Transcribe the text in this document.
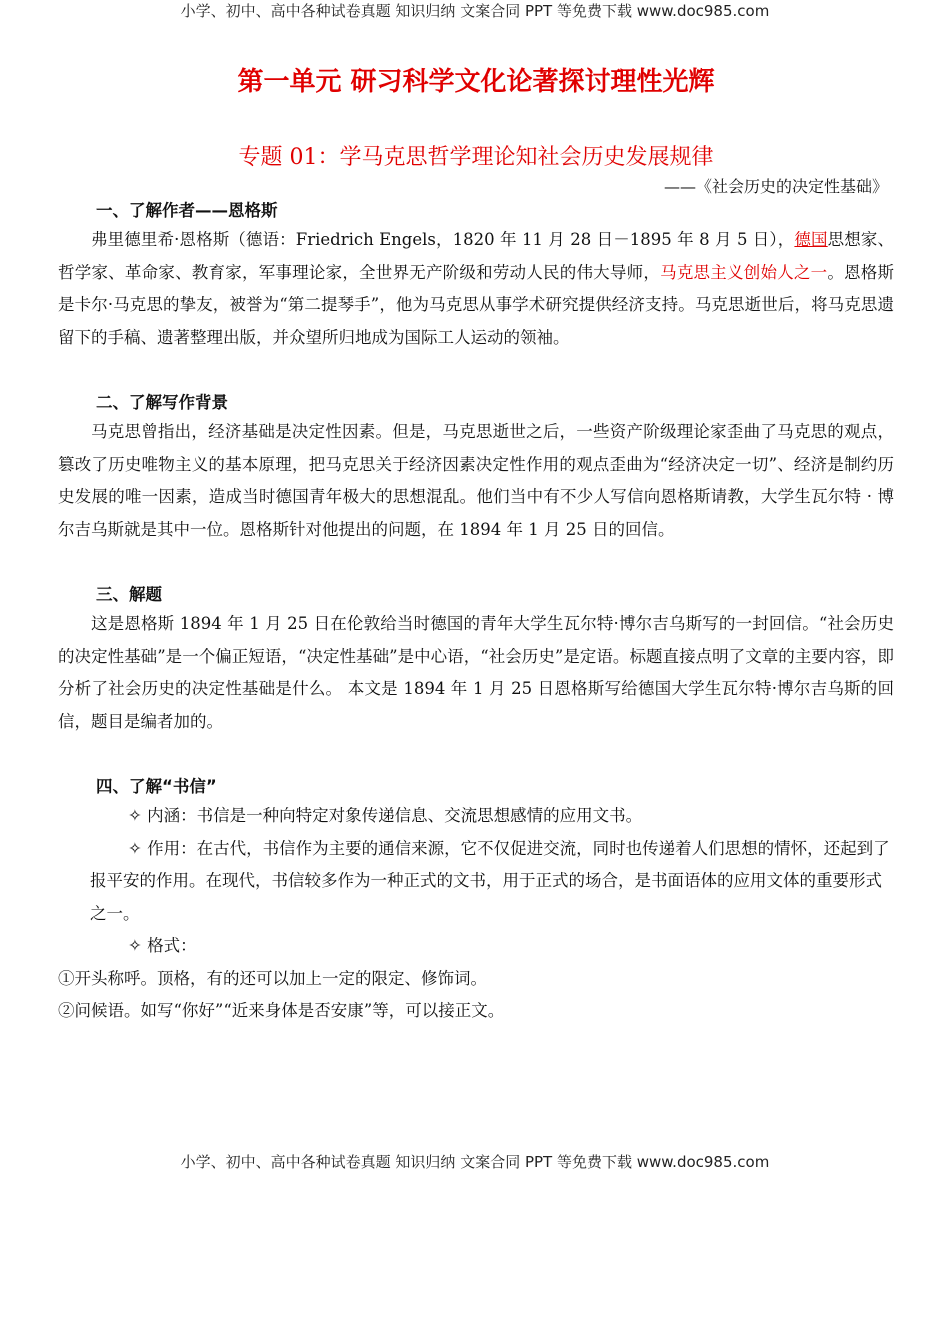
小学、初中、高中各种试卷真题 知识归纳 文案合同 PPT 等免费下载 www.doc985.com
第一单元 研习科学文化论著探讨理性光辉
专题 01：学马克思哲学理论知社会历史发展规律
——《社会历史的决定性基础》
一、了解作者——恩格斯

弗里德里希·恩格斯（德语：Friedrich Engels，1820 年 11 月 28 日－1895 年 8 月 5 日），德国思想家、哲学家、革命家、教育家，军事理论家，全世界无产阶级和劳动人民的伟大导师，马克思主义创始人之一。恩格斯是卡尔·马克思的挚友，被誉为“第二提琴手”，他为马克思从事学术研究提供经济支持。马克思逝世后，将马克思遗留下的手稿、遗著整理出版，并众望所归地成为国际工人运动的领袖。

二、了解写作背景

马克思曾指出，经济基础是决定性因素。但是，马克思逝世之后，一些资产阶级理论家歪曲了马克思的观点，篡改了历史唯物主义的基本原理，把马克思关于经济因素决定性作用的观点歪曲为“经济决定一切”、经济是制约历史发展的唯一因素，造成当时德国青年极大的思想混乱。他们当中有不少人写信向恩格斯请教，大学生瓦尔特 · 博尔吉乌斯就是其中一位。恩格斯针对他提出的问题，在 1894 年 1 月 25 日的回信。

三、解题

这是恩格斯 1894 年 1 月 25 日在伦敦给当时德国的青年大学生瓦尔特·博尔吉乌斯写的一封回信。“社会历史的决定性基础”是一个偏正短语，“决定性基础”是中心语，“社会历史”是定语。标题直接点明了文章的主要内容，即分析了社会历史的决定性基础是什么。 本文是 1894 年 1 月 25 日恩格斯写给德国大学生瓦尔特·博尔吉乌斯的回信，题目是编者加的。

四、了解“书信”
✧ 内涵：书信是一种向特定对象传递信息、交流思想感情的应用文书。
✧ 作用：在古代，书信作为主要的通信来源，它不仅促进交流，同时也传递着人们思想的情怀，还起到了报平安的作用。在现代，书信较多作为一种正式的文书，用于正式的场合，是书面语体的应用文体的重要形式之一。
✧ 格式：
①开头称呼。顶格，有的还可以加上一定的限定、修饰词。
②问候语。如写“你好”“近来身体是否安康”等，可以接正文。
小学、初中、高中各种试卷真题 知识归纳 文案合同 PPT 等免费下载 www.doc985.com
